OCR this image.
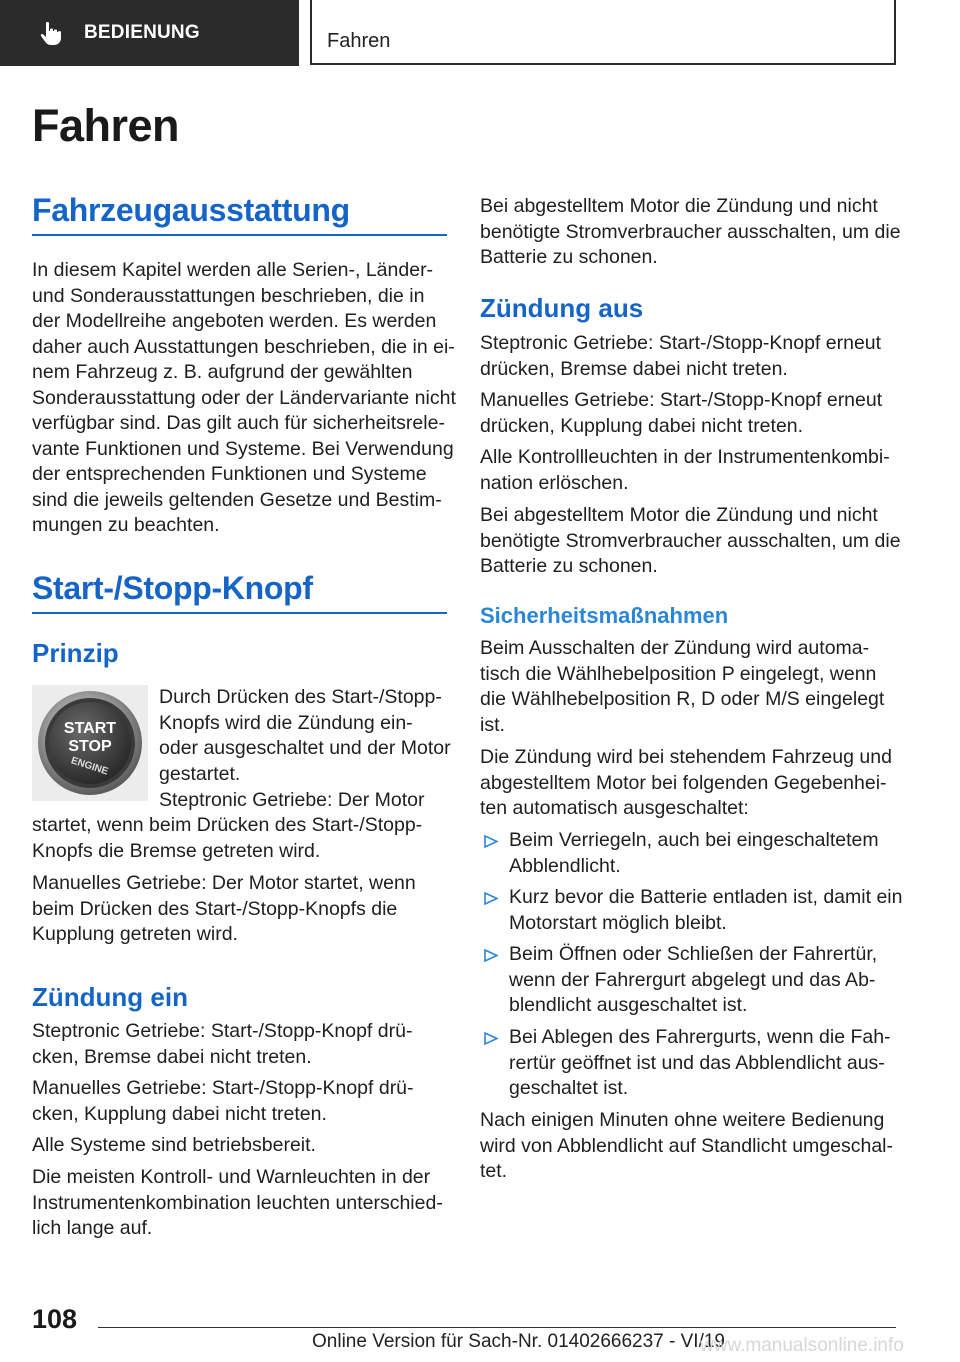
BEDIENUNG	Fahren
Fahren
Fahrzeugausstattung
In diesem Kapitel werden alle Serien-, Länder-
und Sonderausstattungen beschrieben, die in
der Modellreihe angeboten werden. Es werden
daher auch Ausstattungen beschrieben, die in ei-
nem Fahrzeug z. B. aufgrund der gewählten
Sonderausstattung oder der Ländervariante nicht
verfügbar sind. Das gilt auch für sicherheitsrele-
vante Funktionen und Systeme. Bei Verwendung
der entsprechenden Funktionen und Systeme
sind die jeweils geltenden Gesetze und Bestim-
mungen zu beachten.
Start-/Stopp-Knopf
Prinzip
START
STOP
ENGINE
Durch Drücken des Start-/Stopp-
Knopfs wird die Zündung ein-
oder ausgeschaltet und der Motor
gestartet.
Steptronic Getriebe: Der Motor
startet, wenn beim Drücken des Start-/Stopp-
Knopfs die Bremse getreten wird.
Manuelles Getriebe: Der Motor startet, wenn
beim Drücken des Start-/Stopp-Knopfs die
Kupplung getreten wird.
Zündung ein
Steptronic Getriebe: Start-/Stopp-Knopf drü-
cken, Bremse dabei nicht treten.
Manuelles Getriebe: Start-/Stopp-Knopf drü-
cken, Kupplung dabei nicht treten.
Alle Systeme sind betriebsbereit.
Die meisten Kontroll- und Warnleuchten in der
Instrumentenkombination leuchten unterschied-
lich lange auf.
Bei abgestelltem Motor die Zündung und nicht
benötigte Stromverbraucher ausschalten, um die
Batterie zu schonen.
Zündung aus
Steptronic Getriebe: Start-/Stopp-Knopf erneut
drücken, Bremse dabei nicht treten.
Manuelles Getriebe: Start-/Stopp-Knopf erneut
drücken, Kupplung dabei nicht treten.
Alle Kontrollleuchten in der Instrumentenkombi-
nation erlöschen.
Bei abgestelltem Motor die Zündung und nicht
benötigte Stromverbraucher ausschalten, um die
Batterie zu schonen.
Sicherheitsmaßnahmen
Beim Ausschalten der Zündung wird automa-
tisch die Wählhebelposition P eingelegt, wenn
die Wählhebelposition R, D oder M/S eingelegt
ist.
Die Zündung wird bei stehendem Fahrzeug und
abgestelltem Motor bei folgenden Gegebenhei-
ten automatisch ausgeschaltet:
Beim Verriegeln, auch bei eingeschaltetem
Abblendlicht.
Kurz bevor die Batterie entladen ist, damit ein
Motorstart möglich bleibt.
Beim Öffnen oder Schließen der Fahrertür,
wenn der Fahrergurt abgelegt und das Ab-
blendlicht ausgeschaltet ist.
Bei Ablegen des Fahrergurts, wenn die Fah-
rertür geöffnet ist und das Abblendlicht aus-
geschaltet ist.
Nach einigen Minuten ohne weitere Bedienung
wird von Abblendlicht auf Standlicht umgeschal-
tet.
108
Online Version für Sach-Nr. 01402666237 - VI/19
www.manualsonline.info
